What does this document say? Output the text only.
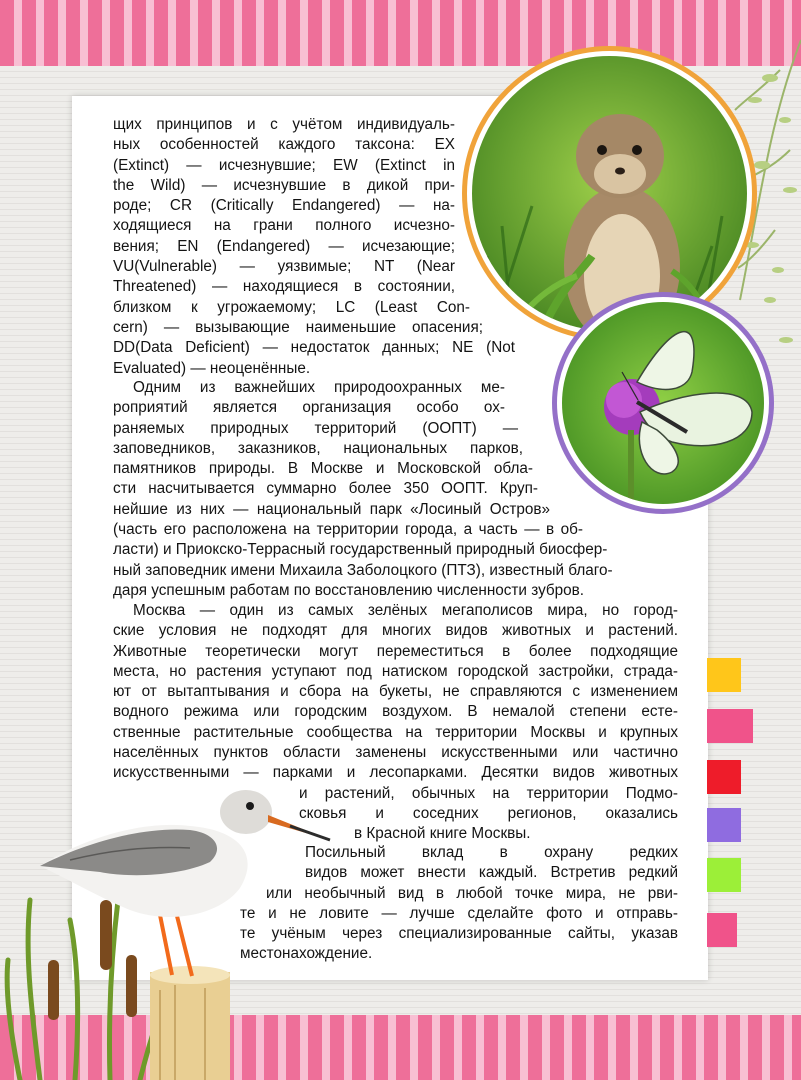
щих принципов и с учётом индивидуаль-
ных особенностей каждого таксона: EX
(Extinct) — исчезнувшие; EW (Extinct in
the Wild) — исчезнувшие в дикой при-
роде; CR (Critically Endangered) — на-
ходящиеся на грани полного исчезно-
вения; EN (Endangered) — исчезающие;
VU(Vulnerable) — уязвимые; NT (Near
Threatened) — находящиеся в состоянии,
близком к угрожаемому; LC (Least Con-
cern) — вызывающие наименьшие опасения;
DD(Data Deficient) — недостаток данных; NE (Not
Evaluated) — неоценённые.
Одним из важнейших природоохранных ме-
роприятий является организация особо ох-
раняемых природных территорий (ООПТ) —
заповедников, заказников, национальных парков,
памятников природы. В Москве и Московской обла-
сти насчитывается суммарно более 350 ООПТ. Круп-
нейшие из них — национальный парк «Лосиный Остров»
(часть его расположена на территории города, а часть — в об-
ласти) и Приокско-Террасный государственный природный биосфер-
ный заповедник имени Михаила Заболоцкого (ПТЗ), известный благо-
даря успешным работам по восстановлению численности зубров.
Москва — один из самых зелёных мегаполисов мира, но город-
ские условия не подходят для многих видов животных и растений.
Животные теоретически могут переместиться в более подходящие
места, но растения уступают под натиском городской застройки, страда-
ют от вытаптывания и сбора на букеты, не справляются с изменением
водного режима или городским воздухом. В немалой степени есте-
ственные растительные сообщества на территории Москвы и крупных
населённых пунктов области заменены искусственными или частично
искусственными — парками и лесопарками. Десятки видов животных
и растений, обычных на территории Подмо-
сковья и соседних регионов, оказались
в Красной книге Москвы.
Посильный вклад в охрану редких
видов может внести каждый. Встретив редкий
или необычный вид в любой точке мира, не рви-
те и не ловите — лучше сделайте фото и отправь-
те учёным через специализированные сайты, указав
местонахождение.
